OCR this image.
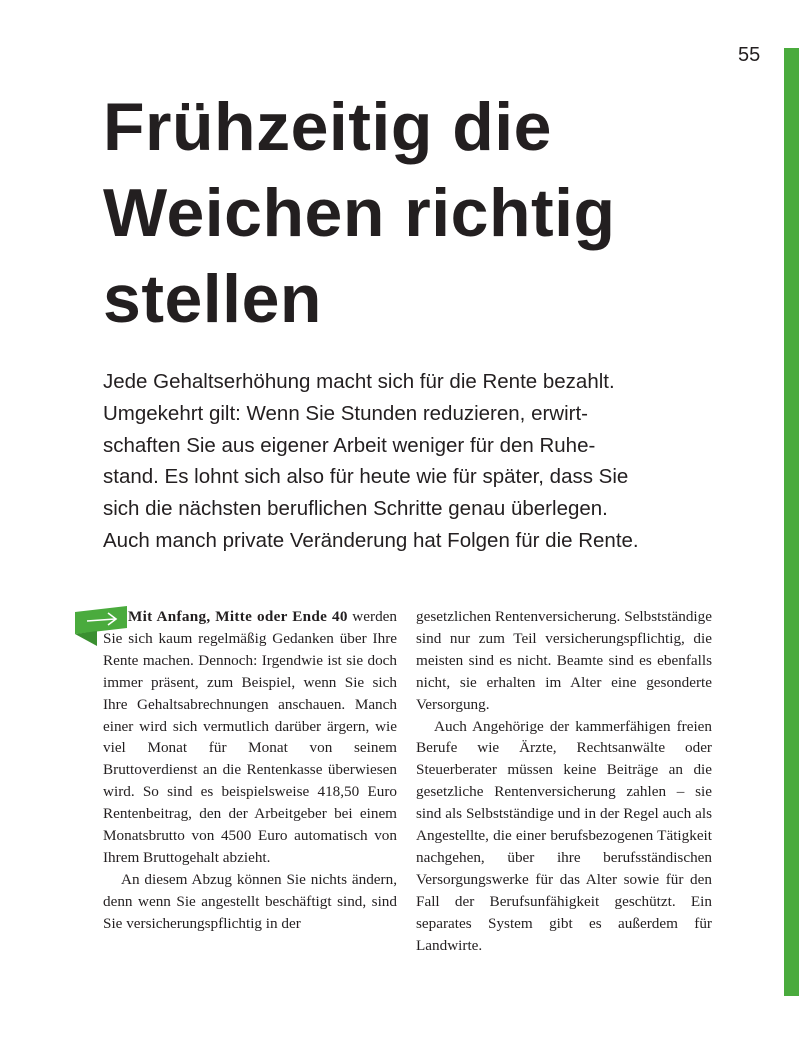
55
Frühzeitig die
Weichen richtig
stellen
Jede Gehaltserhöhung macht sich für die Rente bezahlt.
Umgekehrt gilt: Wenn Sie Stunden reduzieren, erwirt-
schaften Sie aus eigener Arbeit weniger für den Ruhe-
stand. Es lohnt sich also für heute wie für später, dass Sie
sich die nächsten beruflichen Schritte genau überlegen.
Auch manch private Veränderung hat Folgen für die Rente.

Mit Anfang, Mitte oder Ende 40 werden Sie sich kaum regelmäßig Gedanken über Ihre Rente machen. Dennoch: Irgendwie ist sie doch immer präsent, zum Beispiel, wenn Sie sich Ihre Gehaltsabrechnungen anschauen. Manch einer wird sich vermutlich darüber ärgern, wie viel Monat für Monat von seinem Bruttoverdienst an die Rentenkasse überwiesen wird. So sind es beispielsweise 418,50 Euro Rentenbeitrag, den der Arbeitgeber bei einem Monatsbrutto von 4500 Euro automatisch von Ihrem Bruttogehalt abzieht.

An diesem Abzug können Sie nichts ändern, denn wenn Sie angestellt beschäftigt sind, sind Sie versicherungspflichtig in der

gesetzlichen Rentenversicherung. Selbstständige sind nur zum Teil versicherungspflichtig, die meisten sind es nicht. Beamte sind es ebenfalls nicht, sie erhalten im Alter eine gesonderte Versorgung.

Auch Angehörige der kammerfähigen freien Berufe wie Ärzte, Rechtsanwälte oder Steuerberater müssen keine Beiträge an die gesetzliche Rentenversicherung zahlen – sie sind als Selbstständige und in der Regel auch als Angestellte, die einer berufsbezogenen Tätigkeit nachgehen, über ihre berufsständischen Versorgungswerke für das Alter sowie für den Fall der Berufsunfähigkeit geschützt. Ein separates System gibt es außerdem für Landwirte.
